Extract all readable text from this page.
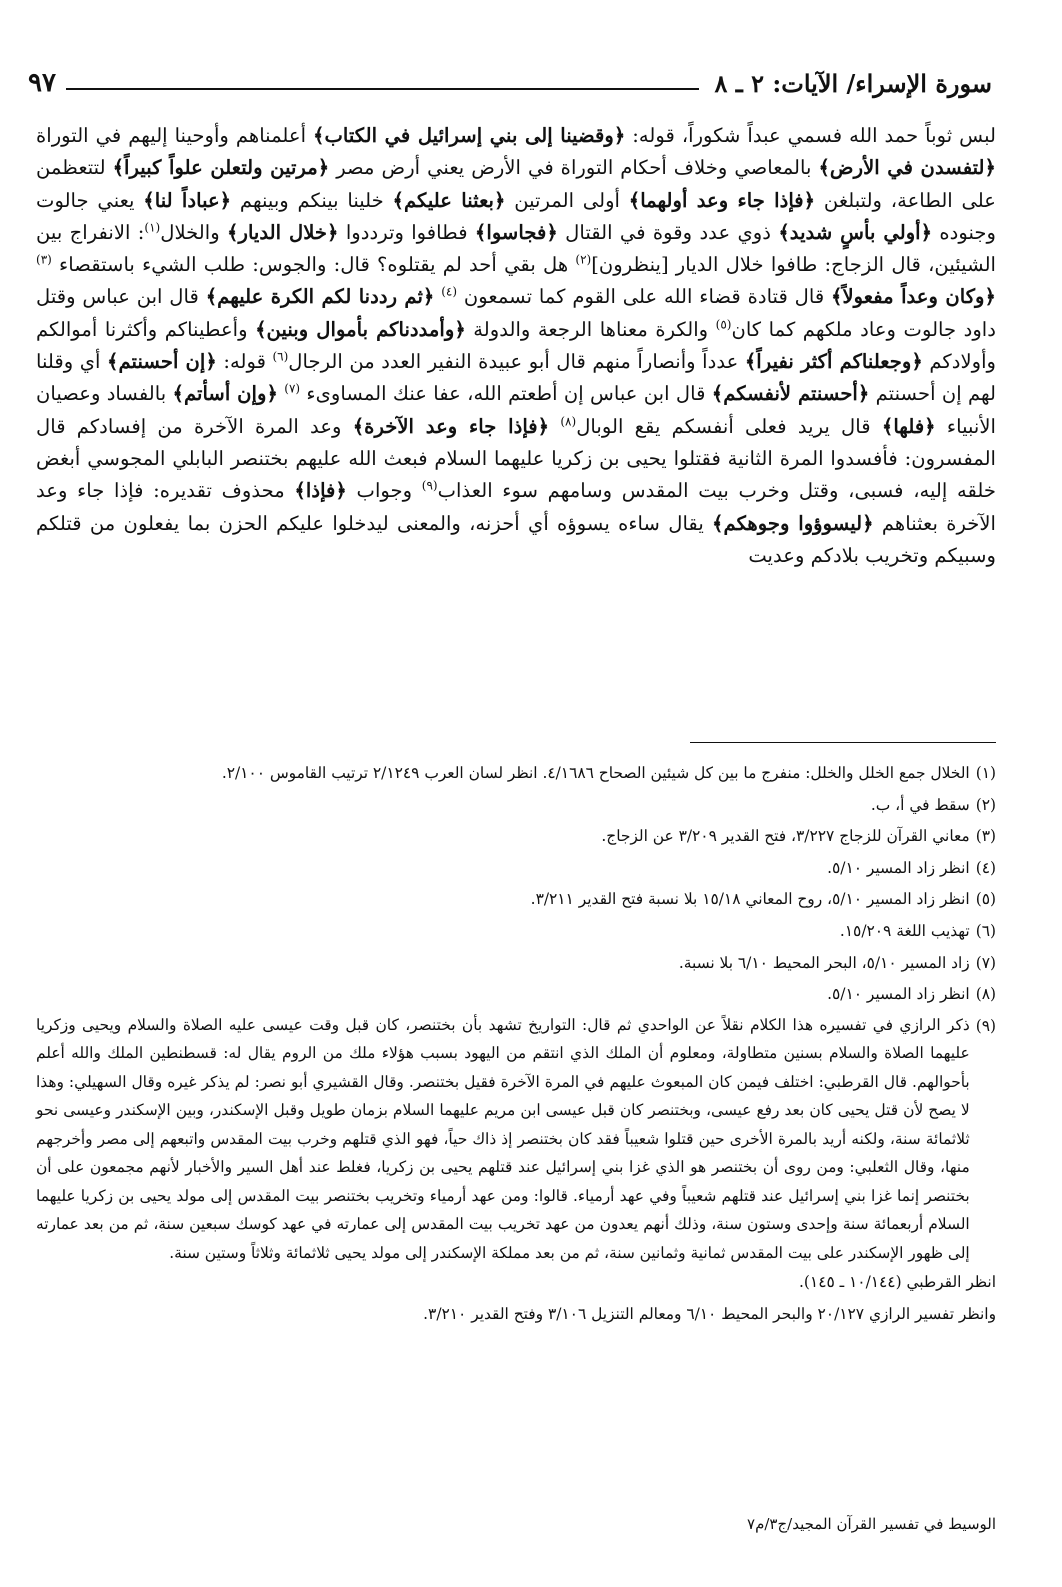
سورة الإسراء/ الآيات: ٢ ـ ٨
٩٧

لبس ثوباً حمد الله فسمي عبداً شكوراً، قوله: ﴿وقضينا إلى بني إسرائيل في الكتاب﴾ أعلمناهم وأوحينا إليهم في التوراة ﴿لتفسدن في الأرض﴾ بالمعاصي وخلاف أحكام التوراة في الأرض يعني أرض مصر ﴿مرتين ولتعلن علواً كبيراً﴾ لتتعظمن على الطاعة، ولتبلغن ﴿فإذا جاء وعد أولهما﴾ أولى المرتين ﴿بعثنا عليكم﴾ خلينا بينكم وبينهم ﴿عباداً لنا﴾ يعني جالوت وجنوده ﴿أولي بأسٍ شديد﴾ ذوي عدد وقوة في القتال ﴿فجاسوا﴾ فطافوا وترددوا ﴿خلال الديار﴾ والخلال$^{(١)}$: الانفراج بين الشيئين، قال الزجاج: طافوا خلال الديار [ينظرون]$^{(٢)}$ هل بقي أحد لم يقتلوه؟ قال: والجوس: طلب الشيء باستقصاء $^{(٣)}$ ﴿وكان وعداً مفعولاً﴾ قال قتادة قضاء الله على القوم كما تسمعون $^{(٤)}$ ﴿ثم رددنا لكم الكرة عليهم﴾ قال ابن عباس وقتل داود جالوت وعاد ملكهم كما كان$^{(٥)}$ والكرة معناها الرجعة والدولة ﴿وأمددناكم بأموال وبنين﴾ وأعطيناكم وأكثرنا أموالكم وأولادكم ﴿وجعلناكم أكثر نفيراً﴾ عدداً وأنصاراً منهم قال أبو عبيدة النفير العدد من الرجال$^{(٦)}$ قوله: ﴿إن أحسنتم﴾ أي وقلنا لهم إن أحسنتم ﴿أحسنتم لأنفسكم﴾ قال ابن عباس إن أطعتم الله، عفا عنك المساوىء $^{(٧)}$ ﴿وإن أسأتم﴾ بالفساد وعصيان الأنبياء ﴿فلها﴾ قال يريد فعلى أنفسكم يقع الوبال$^{(٨)}$ ﴿فإذا جاء وعد الآخرة﴾ وعد المرة الآخرة من إفسادكم قال المفسرون: فأفسدوا المرة الثانية فقتلوا يحيى بن زكريا عليهما السلام فبعث الله عليهم بختنصر البابلي المجوسي أبغض خلقه إليه، فسبى، وقتل وخرب بيت المقدس وسامهم سوء العذاب$^{(٩)}$ وجواب ﴿فإذا﴾ محذوف تقديره: فإذا جاء وعد الآخرة بعثناهم ﴿ليسوؤوا وجوهكم﴾ يقال ساءه يسوؤه أي أحزنه، والمعنى ليدخلوا عليكم الحزن بما يفعلون من قتلكم وسبيكم وتخريب بلادكم وعديت

(١)
الخلال جمع الخلل والخلل: منفرج ما بين كل شيئين الصحاح ٤/١٦٨٦. انظر لسان العرب ٢/١٢٤٩ ترتيب القاموس ٢/١٠٠.
(٢)
سقط في أ، ب.
(٣)
معاني القرآن للزجاج ٣/٢٢٧، فتح القدير ٣/٢٠٩ عن الزجاج.
(٤)
انظر زاد المسير ٥/١٠.
(٥)
انظر زاد المسير ٥/١٠، روح المعاني ١٥/١٨ بلا نسبة فتح القدير ٣/٢١١.
(٦)
تهذيب اللغة ١٥/٢٠٩.
(٧)
زاد المسير ٥/١٠، البحر المحيط ٦/١٠ بلا نسبة.
(٨)
انظر زاد المسير ٥/١٠.
(٩)
ذكر الرازي في تفسيره هذا الكلام نقلاً عن الواحدي ثم قال: التواريخ تشهد بأن بختنصر، كان قبل وقت عيسى عليه الصلاة والسلام ويحيى وزكريا عليهما الصلاة والسلام بسنين متطاولة، ومعلوم أن الملك الذي انتقم من اليهود بسبب هؤلاء ملك من الروم يقال له: قسطنطين الملك والله أعلم بأحوالهم. قال القرطبي: اختلف فيمن كان المبعوث عليهم في المرة الآخرة فقيل بختنصر. وقال القشيري أبو نصر: لم يذكر غيره وقال السهيلي: وهذا لا يصح لأن قتل يحيى كان بعد رفع عيسى، وبختنصر كان قبل عيسى ابن مريم عليهما السلام بزمان طويل وقبل الإسكندر، وبين الإسكندر وعيسى نحو ثلاثمائة سنة، ولكنه أريد بالمرة الأخرى حين قتلوا شعيباً فقد كان بختنصر إذ ذاك حياً، فهو الذي قتلهم وخرب بيت المقدس واتبعهم إلى مصر وأخرجهم منها، وقال الثعلبي: ومن روى أن بختنصر هو الذي غزا بني إسرائيل عند قتلهم يحيى بن زكريا، فغلط عند أهل السير والأخبار لأنهم مجمعون على أن بختنصر إنما غزا بني إسرائيل عند قتلهم شعيباً وفي عهد أرمياء. قالوا: ومن عهد أرمياء وتخريب بختنصر بيت المقدس إلى مولد يحيى بن زكريا عليهما السلام أربعمائة سنة وإحدى وستون سنة، وذلك أنهم يعدون من عهد تخريب بيت المقدس إلى عمارته في عهد كوسك سبعين سنة، ثم من بعد عمارته إلى ظهور الإسكندر على بيت المقدس ثمانية وثمانين سنة، ثم من بعد مملكة الإسكندر إلى مولد يحيى ثلاثمائة وثلاثاً وستين سنة.
انظر القرطبي (١٠/١٤٤ ـ ١٤٥).
وانظر تفسير الرازي ٢٠/١٢٧ والبحر المحيط ٦/١٠ ومعالم التنزيل ٣/١٠٦ وفتح القدير ٣/٢١٠.
الوسيط في تفسير القرآن المجيد/ج٣/م٧
